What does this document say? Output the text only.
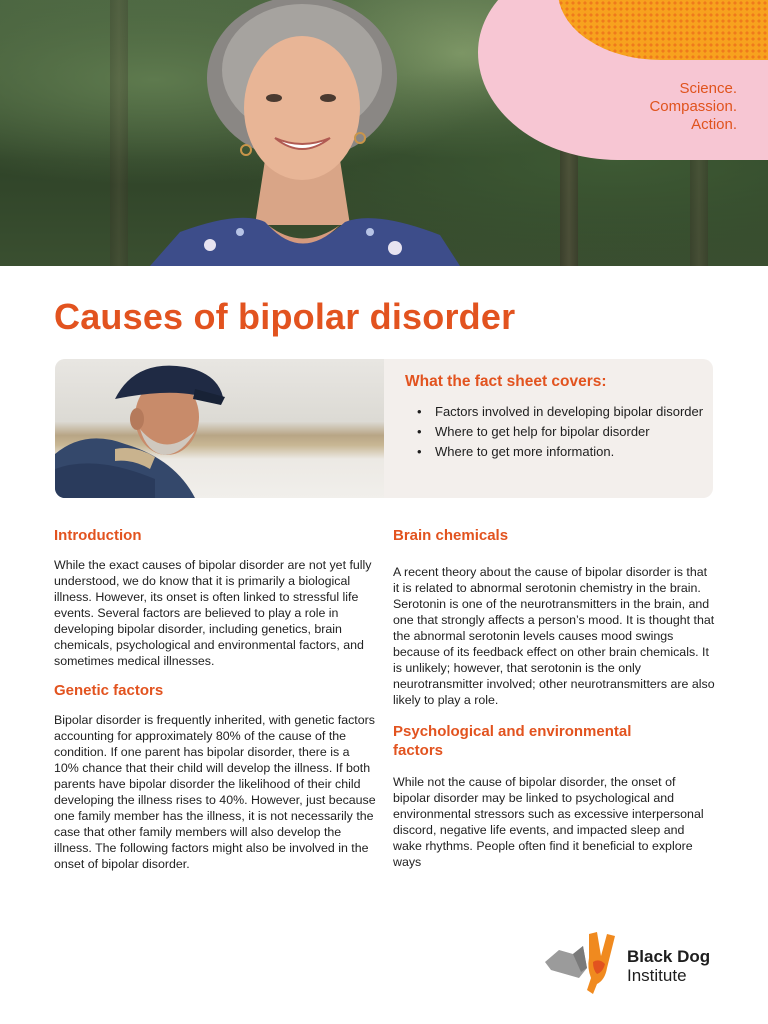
Science.
Compassion.
Action.
Causes of bipolar disorder
What the fact sheet covers:
• Factors involved in developing bipolar disorder
• Where to get help for bipolar disorder
• Where to get more information.
Introduction

While the exact causes of bipolar disorder are not yet fully understood, we do know that it is primarily a biological illness. However, its onset is often linked to stressful life events. Several factors are believed to play a role in developing bipolar disorder, including genetics, brain chemicals, psychological and environmental factors, and sometimes medical illnesses.

Genetic factors

Bipolar disorder is frequently inherited, with genetic factors accounting for approximately 80% of the cause of the condition. If one parent has bipolar disorder, there is a 10% chance that their child will develop the illness. If both parents have bipolar disorder the likelihood of their child developing the illness rises to 40%. However, just because one family member has the illness, it is not necessarily the case that other family members will also develop the illness. The following factors might also be involved in the onset of bipolar disorder.

Brain chemicals

A recent theory about the cause of bipolar disorder is that it is related to abnormal serotonin chemistry in the brain. Serotonin is one of the neurotransmitters in the brain, and one that strongly affects a person’s mood. It is thought that the abnormal serotonin levels causes mood swings because of its feedback effect on other brain chemicals. It is unlikely; however, that serotonin is the only neurotransmitter involved; other neurotransmitters are also likely to play a role.

Psychological and environmental factors

While not the cause of bipolar disorder, the onset of bipolar disorder may be linked to psychological and environmental stressors such as excessive interpersonal discord, negative life events, and impacted sleep and wake rhythms. People often find it beneficial to explore ways

Black Dog
Institute
